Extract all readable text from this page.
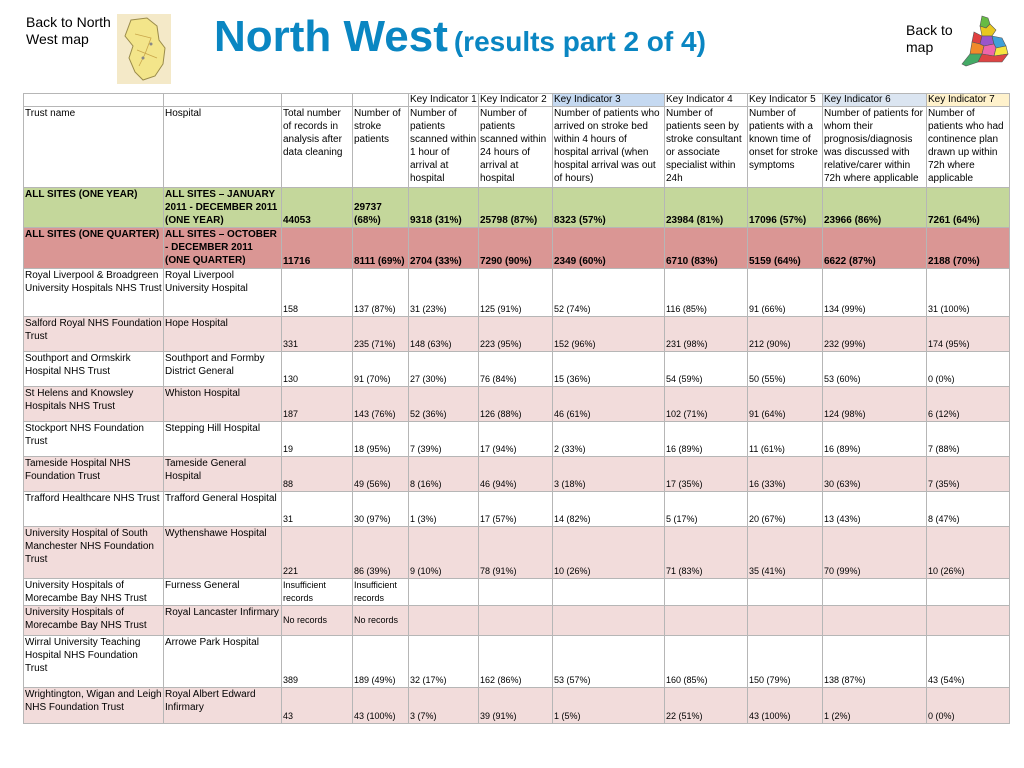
Back to North West map	North West (results part 2 of 4)	Back to map
				Key Indicator 1	Key Indicator 2	Key Indicator 3	Key Indicator 4	Key Indicator 5	Key Indicator 6	Key Indicator 7
Trust name	Hospital	Total number of records in analysis after data cleaning	Number of stroke patients	Number of patients scanned within 1 hour of arrival at hospital	Number of patients scanned within 24 hours of arrival at hospital	Number of patients who arrived on stroke bed within 4 hours of hospital arrival (when hospital arrival was out of hours)	Number of patients seen by stroke consultant or associate specialist within 24h	Number of patients with a known time of onset for stroke symptoms	Number of patients for whom their prognosis/diagnosis was discussed with relative/carer within 72h where applicable	Number of patients who had continence plan drawn up within 72h where applicable
ALL SITES (ONE YEAR)	ALL SITES – JANUARY 2011 - DECEMBER 2011 (ONE YEAR)	44053	29737 (68%)	9318 (31%)	25798 (87%)	8323 (57%)	23984 (81%)	17096 (57%)	23966 (86%)	7261 (64%)
ALL SITES (ONE QUARTER)	ALL SITES – OCTOBER - DECEMBER 2011 (ONE QUARTER)	11716	8111 (69%)	2704 (33%)	7290 (90%)	2349 (60%)	6710 (83%)	5159 (64%)	6622 (87%)	2188 (70%)
Royal Liverpool & Broadgreen University Hospitals NHS Trust	Royal Liverpool University Hospital	158	137 (87%)	31 (23%)	125 (91%)	52 (74%)	116 (85%)	91 (66%)	134 (99%)	31 (100%)
Salford Royal NHS Foundation Trust	Hope Hospital	331	235 (71%)	148 (63%)	223 (95%)	152 (96%)	231 (98%)	212 (90%)	232 (99%)	174 (95%)
Southport and Ormskirk Hospital NHS Trust	Southport and Formby District General	130	91 (70%)	27 (30%)	76 (84%)	15 (36%)	54 (59%)	50 (55%)	53 (60%)	0 (0%)
St Helens and Knowsley Hospitals NHS Trust	Whiston Hospital	187	143 (76%)	52 (36%)	126 (88%)	46 (61%)	102 (71%)	91 (64%)	124 (98%)	6 (12%)
Stockport NHS Foundation Trust	Stepping Hill Hospital	19	18 (95%)	7 (39%)	17 (94%)	2 (33%)	16 (89%)	11 (61%)	16 (89%)	7 (88%)
Tameside Hospital NHS Foundation Trust	Tameside General Hospital	88	49 (56%)	8 (16%)	46 (94%)	3 (18%)	17 (35%)	16 (33%)	30 (63%)	7 (35%)
Trafford Healthcare NHS Trust	Trafford General Hospital	31	30 (97%)	1 (3%)	17 (57%)	14 (82%)	5 (17%)	20 (67%)	13 (43%)	8 (47%)
University Hospital of South Manchester NHS Foundation Trust	Wythenshawe Hospital	221	86 (39%)	9 (10%)	78 (91%)	10 (26%)	71 (83%)	35 (41%)	70 (99%)	10 (26%)
University Hospitals of Morecambe Bay NHS Trust	Furness General	Insufficient records	Insufficient records							
University Hospitals of Morecambe Bay NHS Trust	Royal Lancaster Infirmary	No records	No records							
Wirral University Teaching Hospital NHS Foundation Trust	Arrowe Park Hospital	389	189 (49%)	32 (17%)	162 (86%)	53 (57%)	160 (85%)	150 (79%)	138 (87%)	43 (54%)
Wrightington, Wigan and Leigh NHS Foundation Trust	Royal Albert Edward Infirmary	43	43 (100%)	3 (7%)	39 (91%)	1 (5%)	22 (51%)	43 (100%)	1 (2%)	0 (0%)
